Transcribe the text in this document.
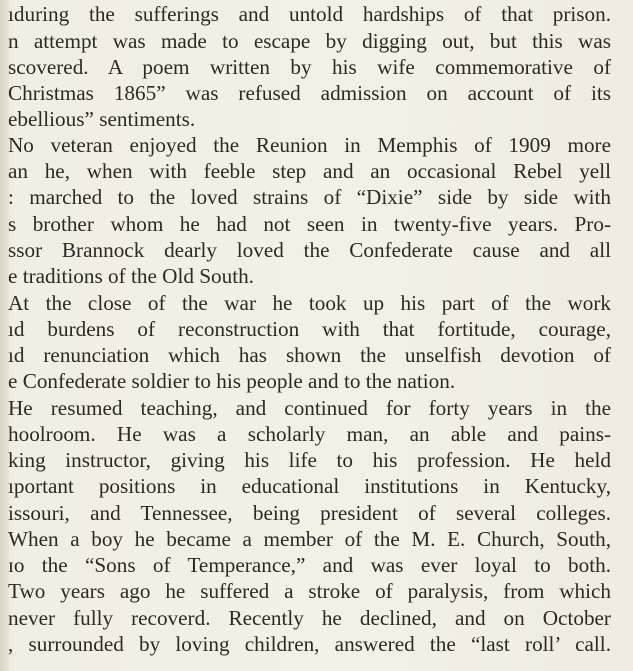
ıduring the sufferings and untold hardships of that prison.
n attempt was made to escape by digging out, but this was
scovered. A poem written by his wife commemorative of
Christmas 1865” was refused admission on account of its
ebellious” sentiments.
No veteran enjoyed the Reunion in Memphis of 1909 more
an he, when with feeble step and an occasional Rebel yell
: marched to the loved strains of “Dixie” side by side with
s brother whom he had not seen in twenty-five years. Pro-
ssor Brannock dearly loved the Confederate cause and all
e traditions of the Old South.
At the close of the war he took up his part of the work
ıd burdens of reconstruction with that fortitude, courage,
ıd renunciation which has shown the unselfish devotion of
e Confederate soldier to his people and to the nation.
He resumed teaching, and continued for forty years in the
hoolroom. He was a scholarly man, an able and pains-
king instructor, giving his life to his profession. He held
ıportant positions in educational institutions in Kentucky,
issouri, and Tennessee, being president of several colleges.
When a boy he became a member of the M. E. Church, South,
ɪo the “Sons of Temperance,” and was ever loyal to both.
Two years ago he suffered a stroke of paralysis, from which
never fully recoverd. Recently he declined, and on October
, surrounded by loving children, answered the “last roll’ call.
